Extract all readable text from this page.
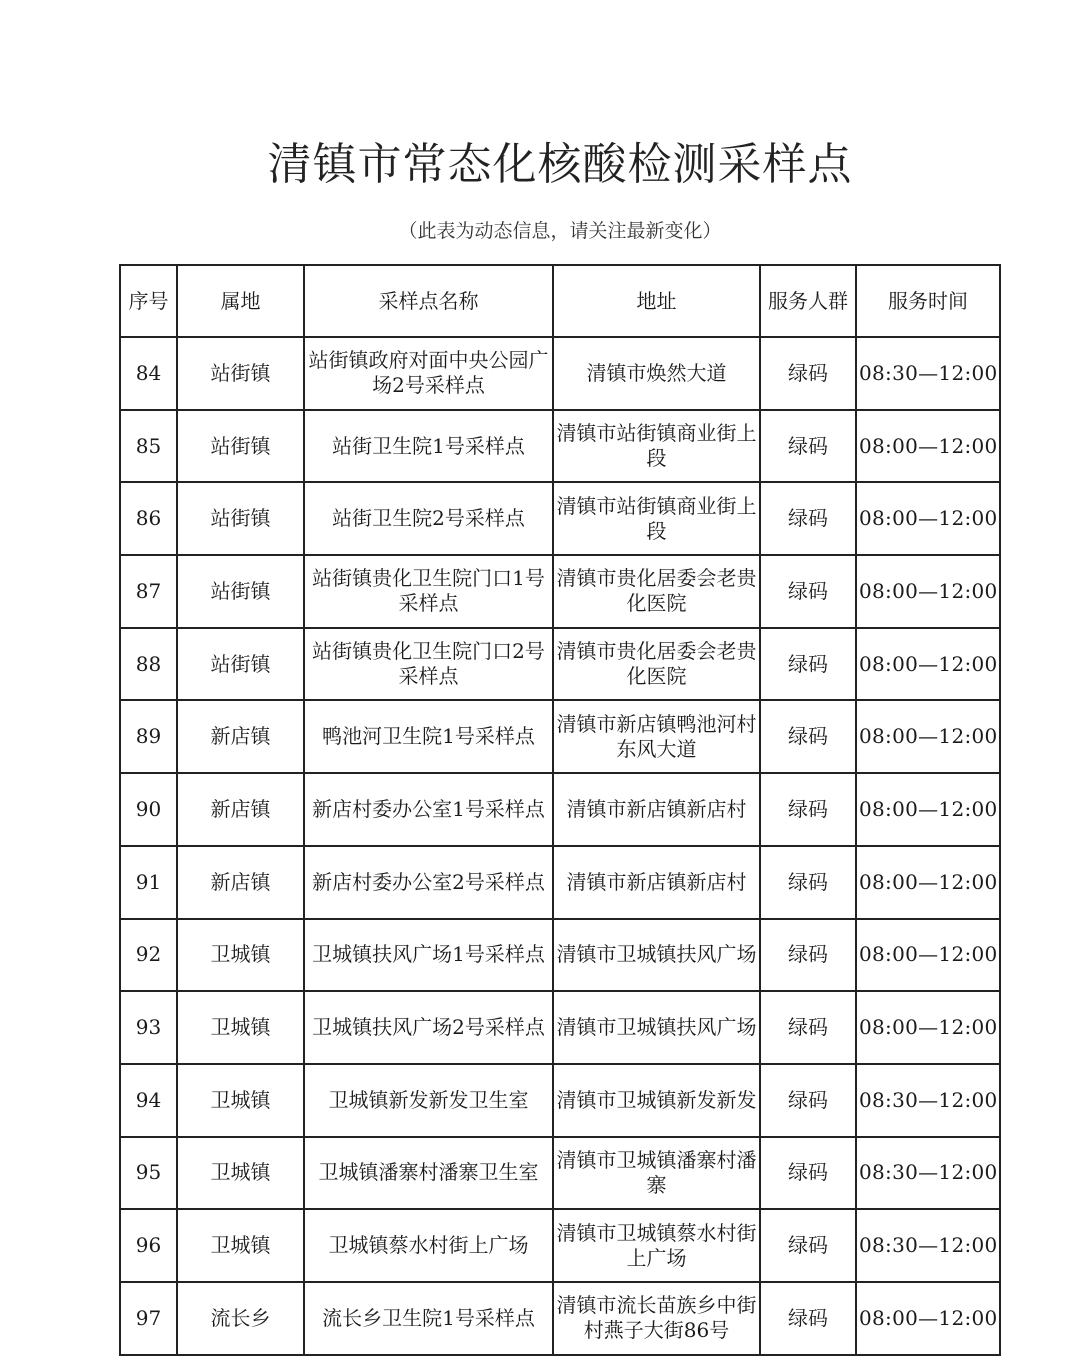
清镇市常态化核酸检测采样点
（此表为动态信息，请关注最新变化）
序号	属地	采样点名称	地址	服务人群	服务时间
84	站街镇	站街镇政府对面中央公园广场2号采样点	清镇市焕然大道	绿码	08:30—12:00
85	站街镇	站街卫生院1号采样点	清镇市站街镇商业街上段	绿码	08:00—12:00
86	站街镇	站街卫生院2号采样点	清镇市站街镇商业街上段	绿码	08:00—12:00
87	站街镇	站街镇贵化卫生院门口1号采样点	清镇市贵化居委会老贵化医院	绿码	08:00—12:00
88	站街镇	站街镇贵化卫生院门口2号采样点	清镇市贵化居委会老贵化医院	绿码	08:00—12:00
89	新店镇	鸭池河卫生院1号采样点	清镇市新店镇鸭池河村东风大道	绿码	08:00—12:00
90	新店镇	新店村委办公室1号采样点	清镇市新店镇新店村	绿码	08:00—12:00
91	新店镇	新店村委办公室2号采样点	清镇市新店镇新店村	绿码	08:00—12:00
92	卫城镇	卫城镇扶风广场1号采样点	清镇市卫城镇扶风广场	绿码	08:00—12:00
93	卫城镇	卫城镇扶风广场2号采样点	清镇市卫城镇扶风广场	绿码	08:00—12:00
94	卫城镇	卫城镇新发新发卫生室	清镇市卫城镇新发新发	绿码	08:30—12:00
95	卫城镇	卫城镇潘寨村潘寨卫生室	清镇市卫城镇潘寨村潘寨	绿码	08:30—12:00
96	卫城镇	卫城镇蔡水村街上广场	清镇市卫城镇蔡水村街上广场	绿码	08:30—12:00
97	流长乡	流长乡卫生院1号采样点	清镇市流长苗族乡中街村燕子大街86号	绿码	08:00—12:00
